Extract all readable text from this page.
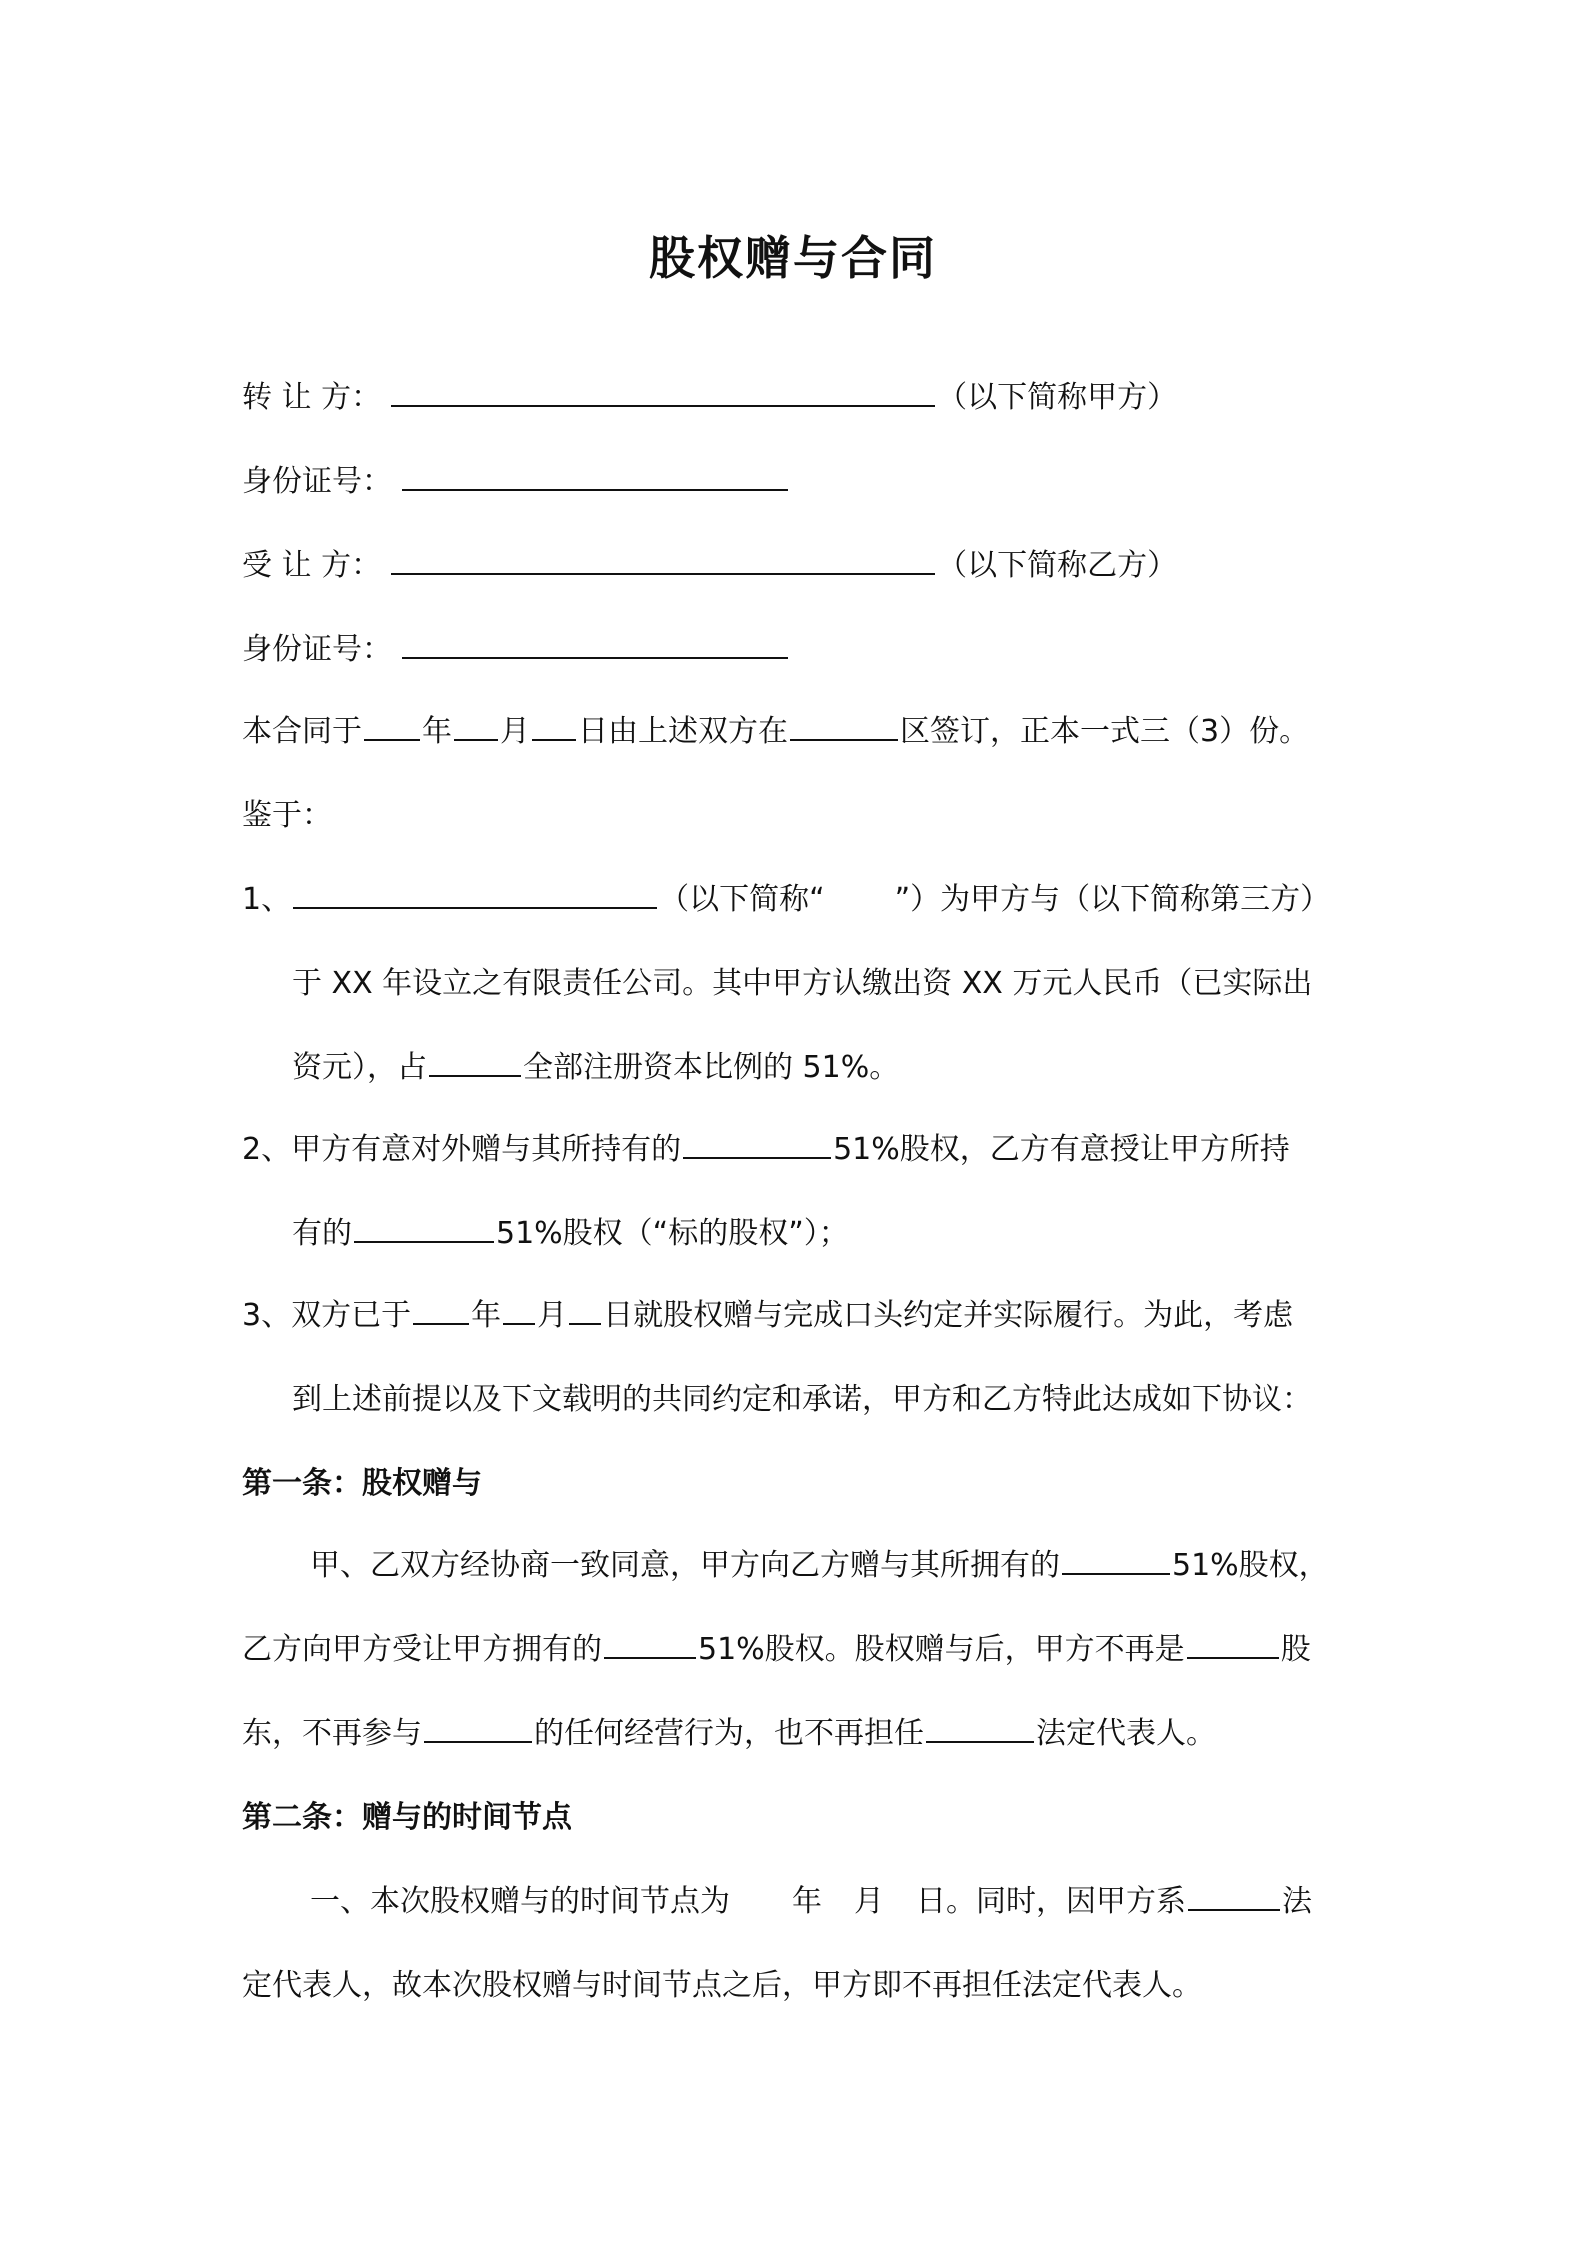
股权赠与合同
转 让 方：	（以下简称甲方）
身份证号：
受 让 方：	（以下简称乙方）
身份证号：
本合同于 年 月 日由上述双方在	区签订，正本一式三（3）份。
鉴于：
1、	（以下简称“ ”）为甲方与（以下简称第三方）
于 XX 年设立之有限责任公司。其中甲方认缴出资 XX 万元人民币（已实际出
资元），占	全部注册资本比例的 51%。
2、甲方有意对外赠与其所持有的	51%股权，乙方有意授让甲方所持
有的	51%股权（“标的股权”）；
3、双方已于 年 月 日就股权赠与完成口头约定并实际履行。为此，考虑
到上述前提以及下文载明的共同约定和承诺，甲方和乙方特此达成如下协议：
第一条：股权赠与
甲、乙双方经协商一致同意，甲方向乙方赠与其所拥有的	51%股权，
乙方向甲方受让甲方拥有的	51%股权。股权赠与后，甲方不再是	股
东，不再参与	的任何经营行为，也不再担任	法定代表人。
第二条：赠与的时间节点
一、本次股权赠与的时间节点为 年 月 日。同时，因甲方系	法
定代表人，故本次股权赠与时间节点之后，甲方即不再担任法定代表人。
